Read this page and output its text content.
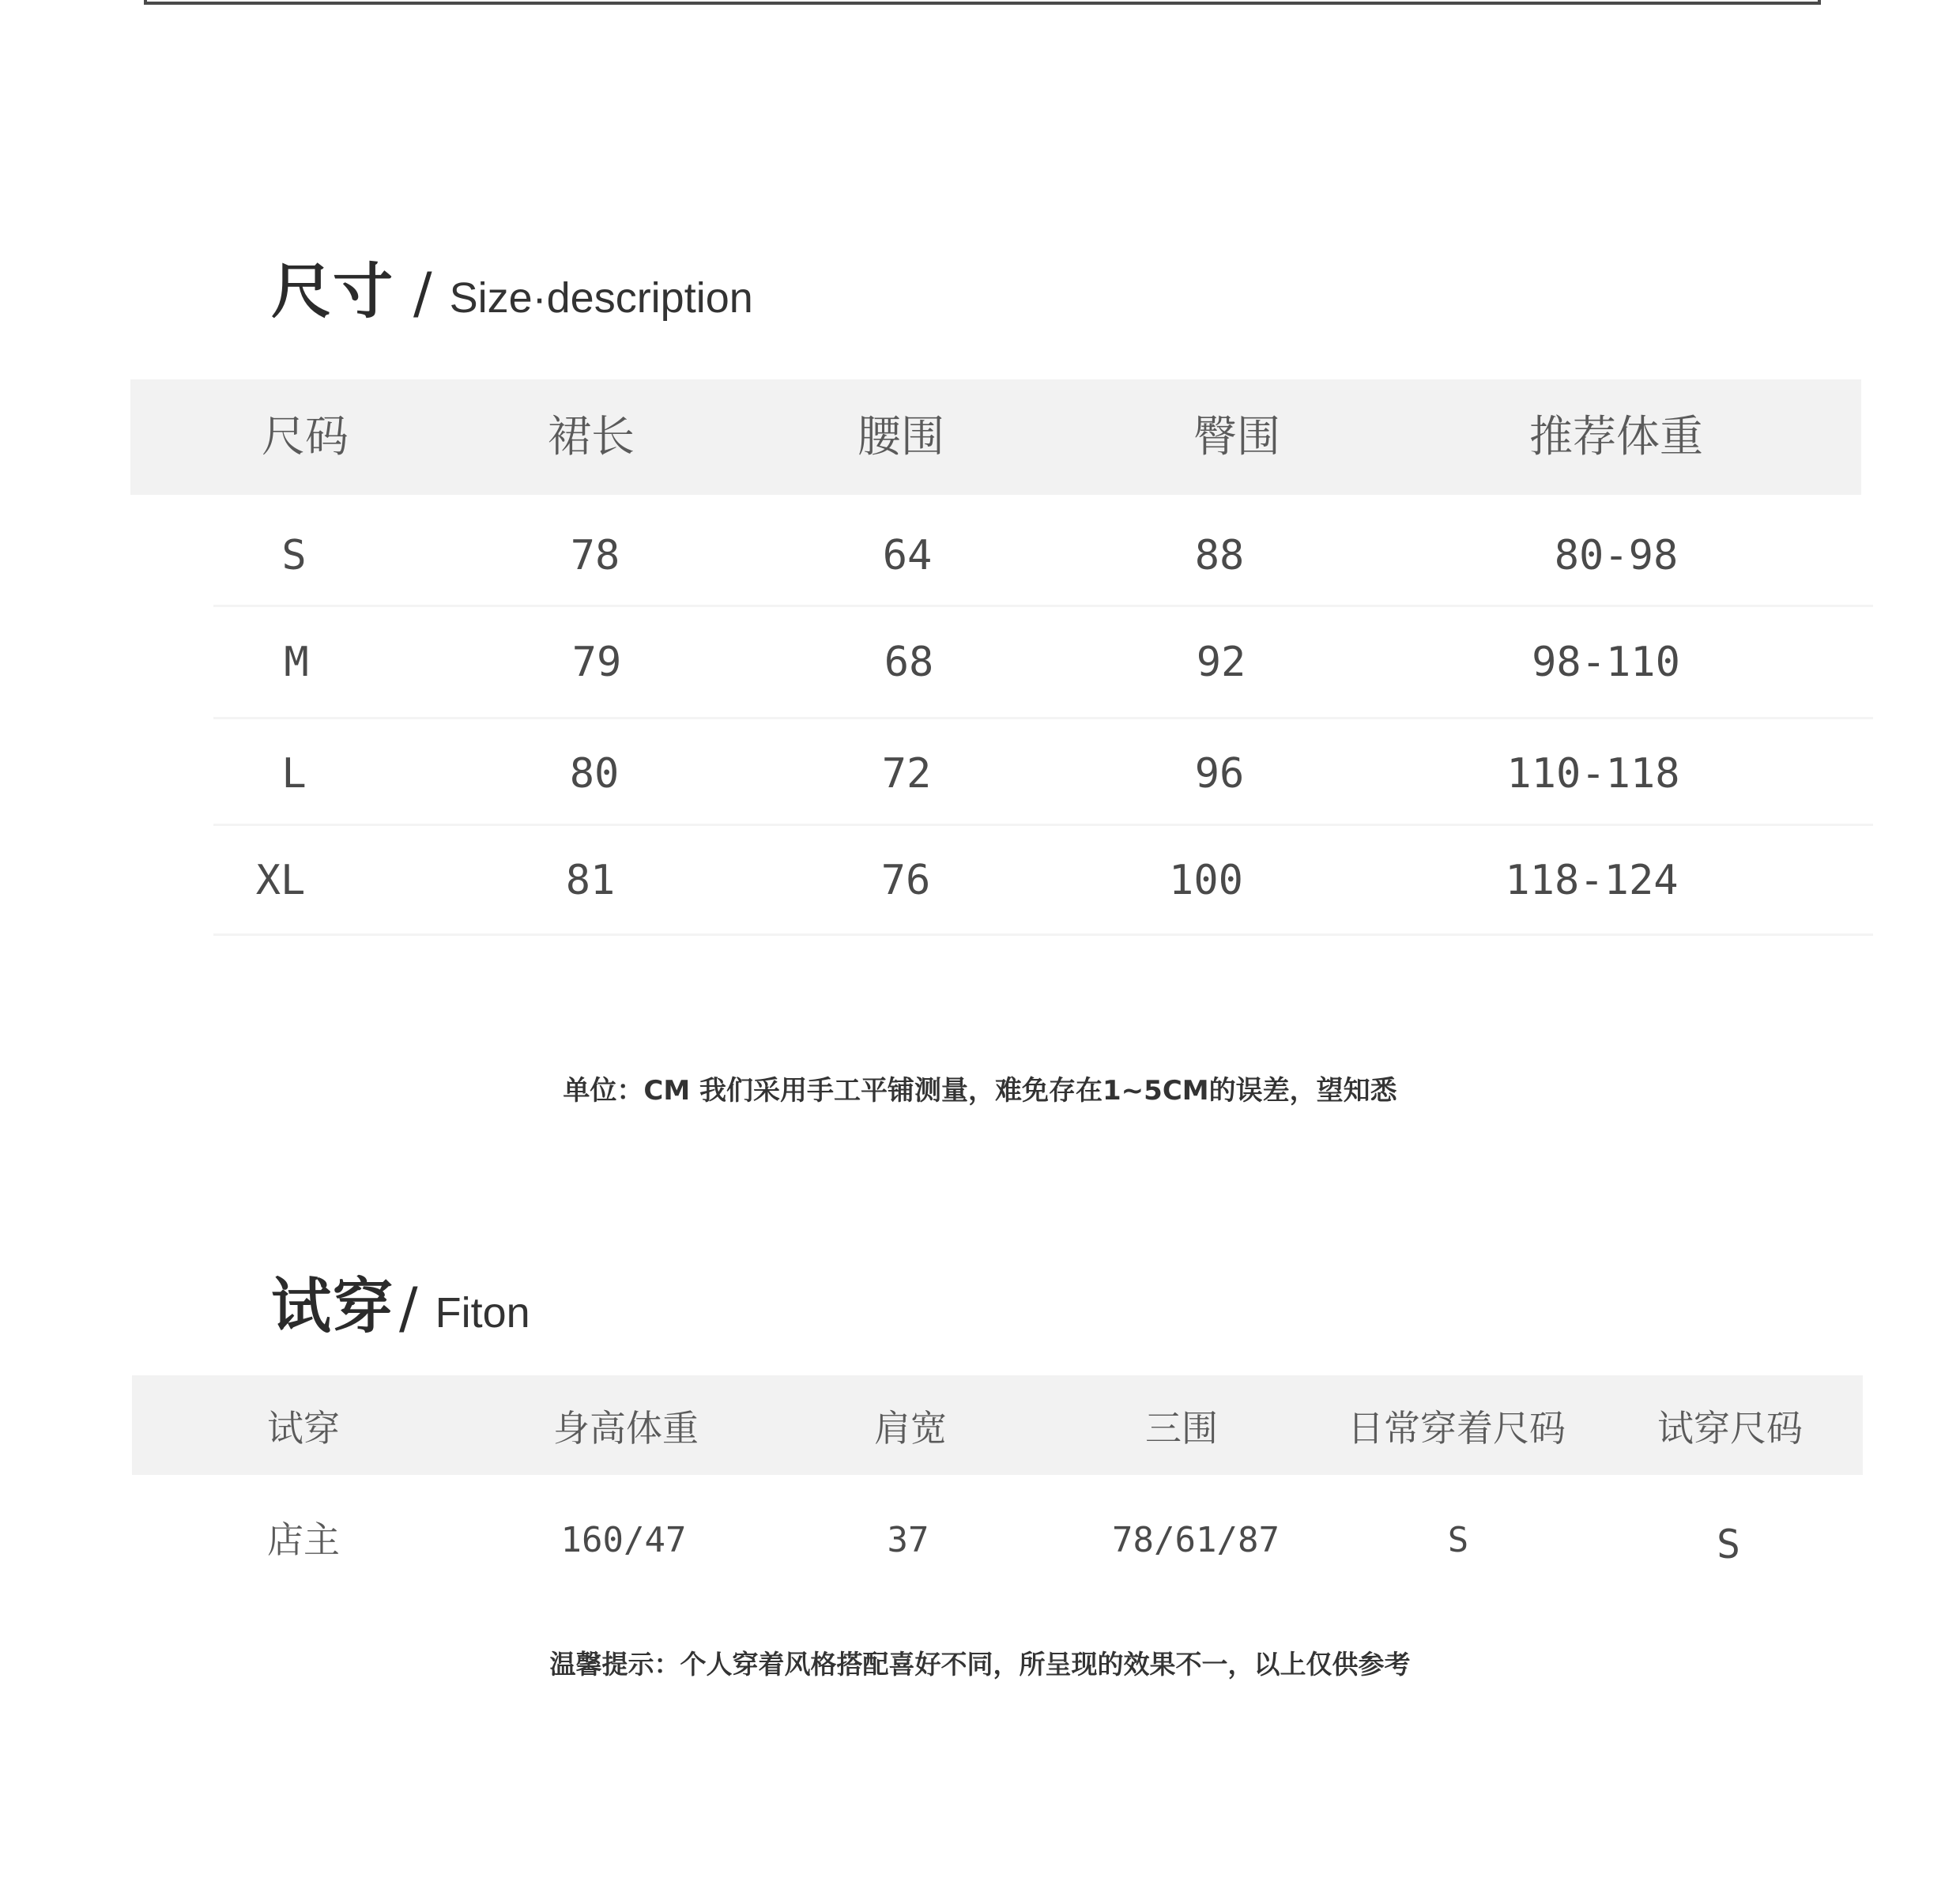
尺寸 / Size·description
尺码	裙长	腰围	臀围	推荐体重
S	78	64	88	80-98
M	79	68	92	98-110
L	80	72	96	110-118
XL	81	76	100	118-124
单位：CM 我们采用手工平铺测量，难免存在1~5CM的误差，望知悉
试穿/ Fiton
试穿	身高体重	肩宽	三围	日常穿着尺码	试穿尺码
店主	160/47	37	78/61/87	S	S
温馨提示：个人穿着风格搭配喜好不同，所呈现的效果不一，以上仅供参考
